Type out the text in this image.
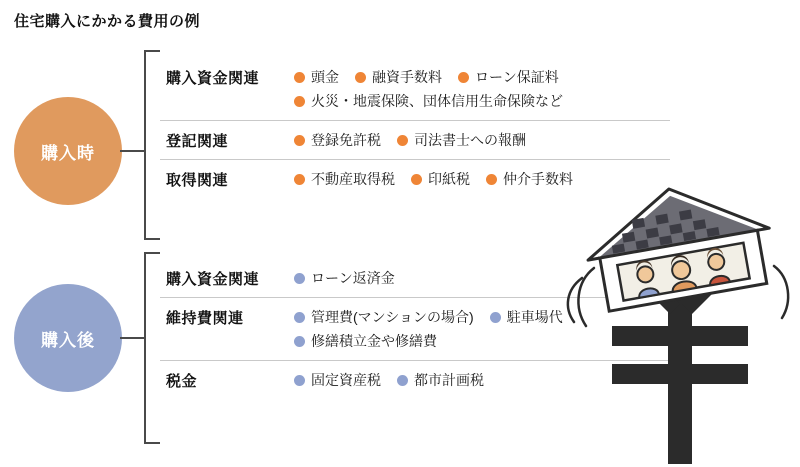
住宅購入にかかる費用の例
購入時
購入資金関連	頭金 融資手数料 ローン保証料
火災・地震保険、団体信用生命保険など
登記関連	登録免許税 司法書士への報酬
取得関連	不動産取得税 印紙税 仲介手数料
購入後
購入資金関連	ローン返済金
維持費関連	管理費(マンションの場合) 駐車場代
修繕積立金や修繕費
税金	固定資産税 都市計画税
